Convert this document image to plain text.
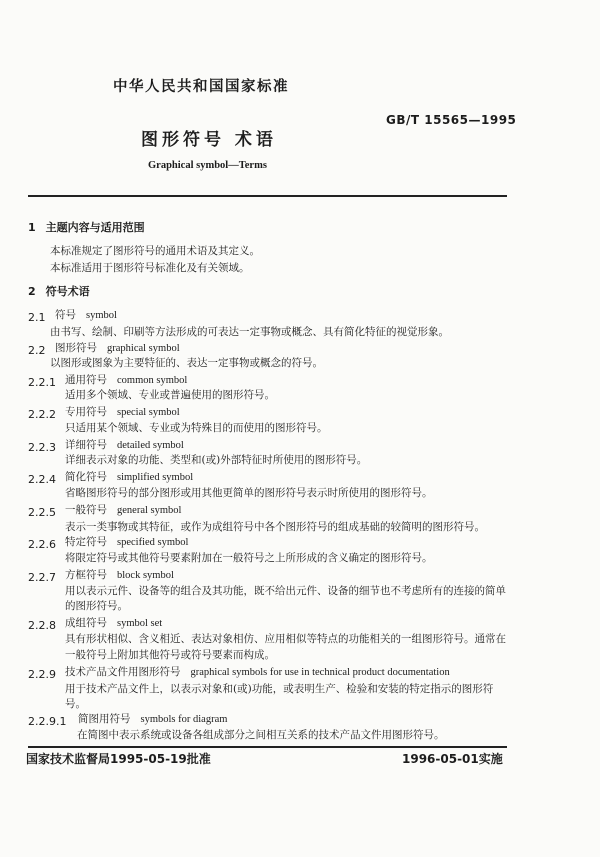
中华人民共和国国家标准
GB/T 15565—1995
图形符号 术语
Graphical symbol—Terms
1 主题内容与适用范围
本标准规定了图形符号的通用术语及其定义。
本标准适用于图形符号标准化及有关领域。
2 符号术语
2.1 符号 symbol
由书写、绘制、印刷等方法形成的可表达一定事物或概念、具有简化特征的视觉形象。
2.2 图形符号 graphical symbol
以图形或图象为主要特征的、表达一定事物或概念的符号。
2.2.1 通用符号 common symbol
适用多个领域、专业或普遍使用的图形符号。
2.2.2 专用符号 special symbol
只适用某个领域、专业或为特殊目的而使用的图形符号。
2.2.3 详细符号 detailed symbol
详细表示对象的功能、类型和(或)外部特征时所使用的图形符号。
2.2.4 简化符号 simplified symbol
省略图形符号的部分图形或用其他更简单的图形符号表示时所使用的图形符号。
2.2.5 一般符号 general symbol
表示一类事物或其特征，或作为成组符号中各个图形符号的组成基础的较简明的图形符号。
2.2.6 特定符号 specified symbol
将限定符号或其他符号要素附加在一般符号之上所形成的含义确定的图形符号。
2.2.7 方框符号 block symbol
用以表示元件、设备等的组合及其功能，既不给出元件、设备的细节也不考虑所有的连接的简单
的图形符号。
2.2.8 成组符号 symbol set
具有形状相似、含义相近、表达对象相仿、应用相似等特点的功能相关的一组图形符号。通常在
一般符号上附加其他符号或符号要素而构成。
2.2.9 技术产品文件用图形符号 graphical symbols for use in technical product documentation
用于技术产品文件上，以表示对象和(或)功能，或表明生产、检验和安装的特定指示的图形符
号。
2.2.9.1 简图用符号 symbols for diagram
在简图中表示系统或设备各组成部分之间相互关系的技术产品文件用图形符号。
国家技术监督局1995-05-19批准	1996-05-01实施
